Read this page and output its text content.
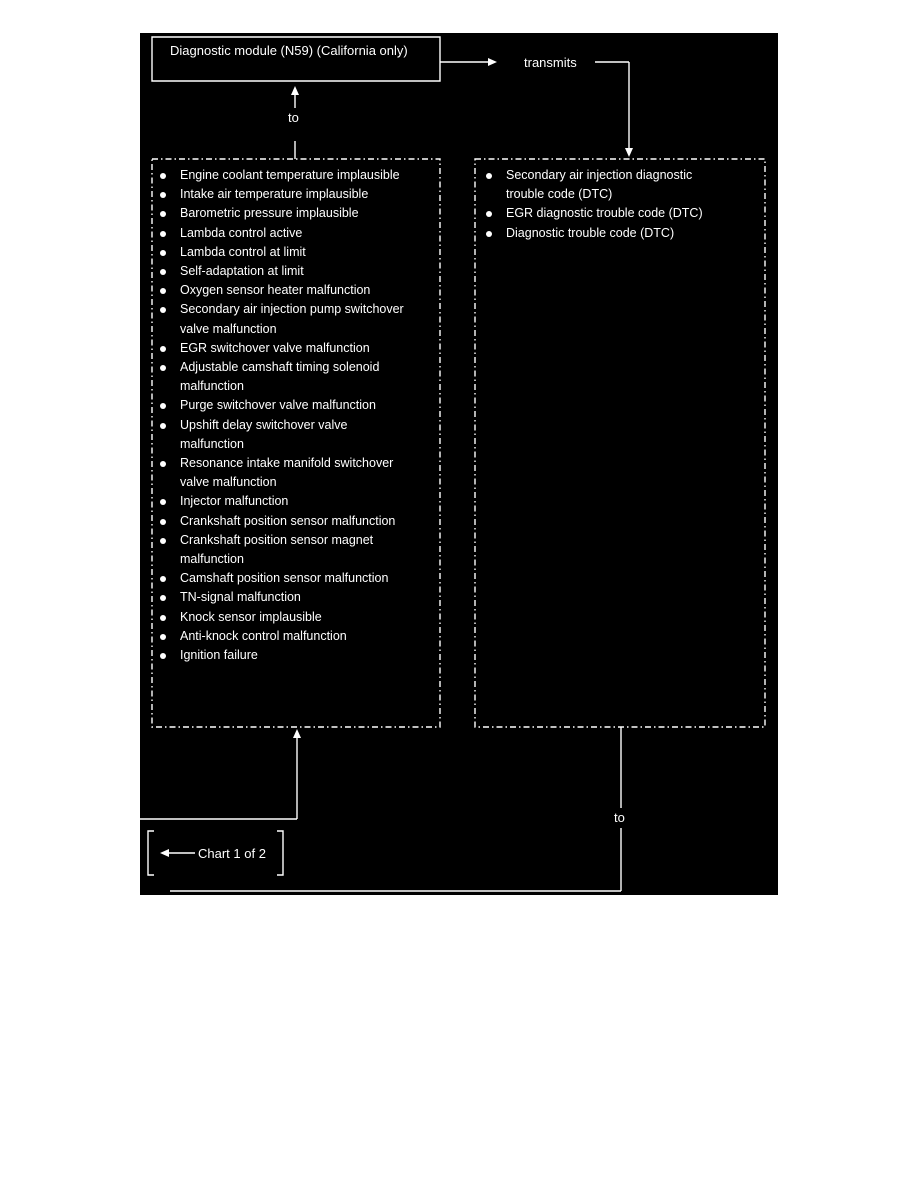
Diagnostic module (N59) (California only)
transmits
to
to
Engine coolant temperature implausible
Intake air temperature implausible
Barometric pressure implausible
Lambda control active
Lambda control at limit
Self-adaptation at limit
Oxygen sensor heater malfunction
Secondary air injection pump switchover
valve malfunction
EGR switchover valve malfunction
Adjustable camshaft timing solenoid
malfunction
Purge switchover valve malfunction
Upshift delay switchover valve
malfunction
Resonance intake manifold switchover
valve malfunction
Injector malfunction
Crankshaft position sensor malfunction
Crankshaft position sensor magnet
malfunction
Camshaft position sensor malfunction
TN-signal malfunction
Knock sensor implausible
Anti-knock control malfunction
Ignition failure
Secondary air injection diagnostic
trouble code (DTC)
EGR diagnostic trouble code (DTC)
Diagnostic trouble code (DTC)
Chart 1 of 2
